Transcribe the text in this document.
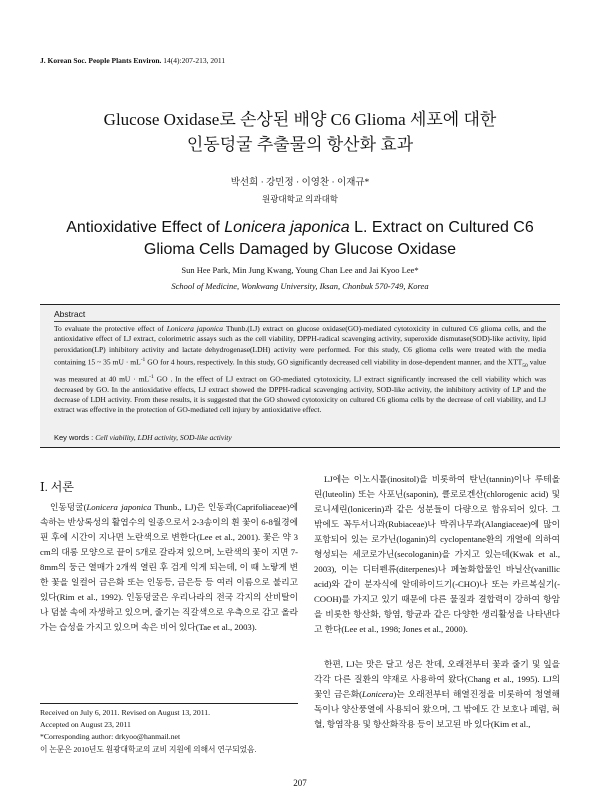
J. Korean Soc. People Plants Environ. 14(4):207-213, 2011
Glucose Oxidase로 손상된 배양 C6 Glioma 세포에 대한
인동덩굴 추출물의 항산화 효과
박선희 · 강민정 · 이영찬 · 이재규*
원광대학교 의과대학
Antioxidative Effect of Lonicera japonica L. Extract on Cultured C6
Glioma Cells Damaged by Glucose Oxidase
Sun Hee Park, Min Jung Kwang, Young Chan Lee and Jai Kyoo Lee*
School of Medicine, Wonkwang University, Iksan, Chonbuk 570-749, Korea
Abstract
To evaluate the protective effect of Lonicera japonica Thunb.(LJ) extract on glucose oxidase(GO)-mediated cytotoxicity in cultured C6 glioma cells, and the antioxidative effect of LJ extract, colorimetric assays such as the cell viability, DPPH-radical scavenging activity, superoxide dismutase(SOD)-like activity, lipid peroxidation(LP) inhibitory activity and lactate dehydrogenase(LDH) activity were performed. For this study, C6 glioma cells were treated with the media containing 15 ~ 35 mU · $mL^{-1}$ GO for 4 hours, respectively. In this study, GO significantly decreased cell viability in dose-dependent manner, and the $XTT_{50}$ value was measured at 40 mU · $mL^{-1}$ GO . In the effect of LJ extract on GO-mediated cytotoxicity, LJ extract significantly increased the cell viability which was decreased by GO. In the antioxidative effects, LJ extract showed the DPPH-radical scavenging activity, SOD-like activity, the inhibitory activity of LP and the decrease of LDH activity. From these results, it is suggested that the GO showed cytotoxicity on cultured C6 glioma cells by the decrease of cell viability, and LJ extract was effective in the protection of GO-mediated cell injury by antioxidative effect.
Key words : Cell viability, LDH activity, SOD-like activity
Ⅰ. 서론
인동덩굴(Lonicera japonica Thunb., LJ)은 인동과(Caprifoliaceae)에 속하는 반상록성의 활엽수의 일종으로서 2-3송이의 흰 꽃이 6-8월경에 핀 후에 시간이 지나면 노란색으로 변한다(Lee et al., 2001). 꽃은 약 3 cm의 대롱 모양으로 끝이 5개로 갈라져 있으며, 노란색의 꽃이 지면 7-8mm의 둥근 열매가 2개씩 열린 후 검게 익게 되는데, 이 때 노랗게 변한 꽃을 일컬어 금은화 또는 인동등, 금은등 등 여러 이름으로 불리고 있다(Rim et al., 1992). 인동덩굴은 우리나라의 전국 각지의 산비탈이나 덤불 속에 자생하고 있으며, 줄기는 직갈색으로 우측으로 감고 올라가는 습성을 가지고 있으며 속은 비어 있다(Tae et al., 2003).
LJ에는 이노시톨(inositol)을 비롯하여 탄닌(tannin)이나 루테올린(luteolin) 또는 사포닌(saponin), 클로로겐산(chlorogenic acid) 및 로니세린(lonicerin)과 같은 성분들이 다량으로 함유되어 있다. 그 밖에도 꼭두서니과(Rubiaceae)나 박쥐나무과(Alangiaceae)에 많이 포함되어 있는 로가닌(loganin)의 cyclopentane환의 개열에 의하여 형성되는 세코로가닌(secologanin)을 가지고 있는데(Kwak et al., 2003), 이는 디터펜류(diterpenes)나 페놀화합물인 바닐산(vanillic acid)와 같이 분자식에 알데하이드기(-CHO)나 또는 카르복실기(-COOH)를 가지고 있기 때문에 다른 물질과 결합력이 강하여 항암을 비롯한 항산화, 항염, 항균과 같은 다양한 생리활성을 나타낸다고 한다(Lee et al., 1998; Jones et al., 2000).
한편, LJ는 맛은 달고 성은 찬데, 오래전부터 꽃과 줄기 및 잎을 각각 다른 질환의 약재로 사용하여 왔다(Chang et al., 1995). LJ의 꽃인 금은화(Lonicera)는 오래전부터 해열진정을 비롯하여 청열해독이나 양산풍열에 사용되어 왔으며, 그 밖에도 간 보호나 폐렴, 혀혈, 항염작용 및 항산화작용 등이 보고된 바 있다(Kim et al.,
Received on July 6, 2011. Revised on August 13, 2011.
Accepted on August 23, 2011
*Corresponding author: drkyoo@hanmail.net
이 논문은 2010년도 원광대학교의 교비 지원에 의해서 연구되었음.
207
